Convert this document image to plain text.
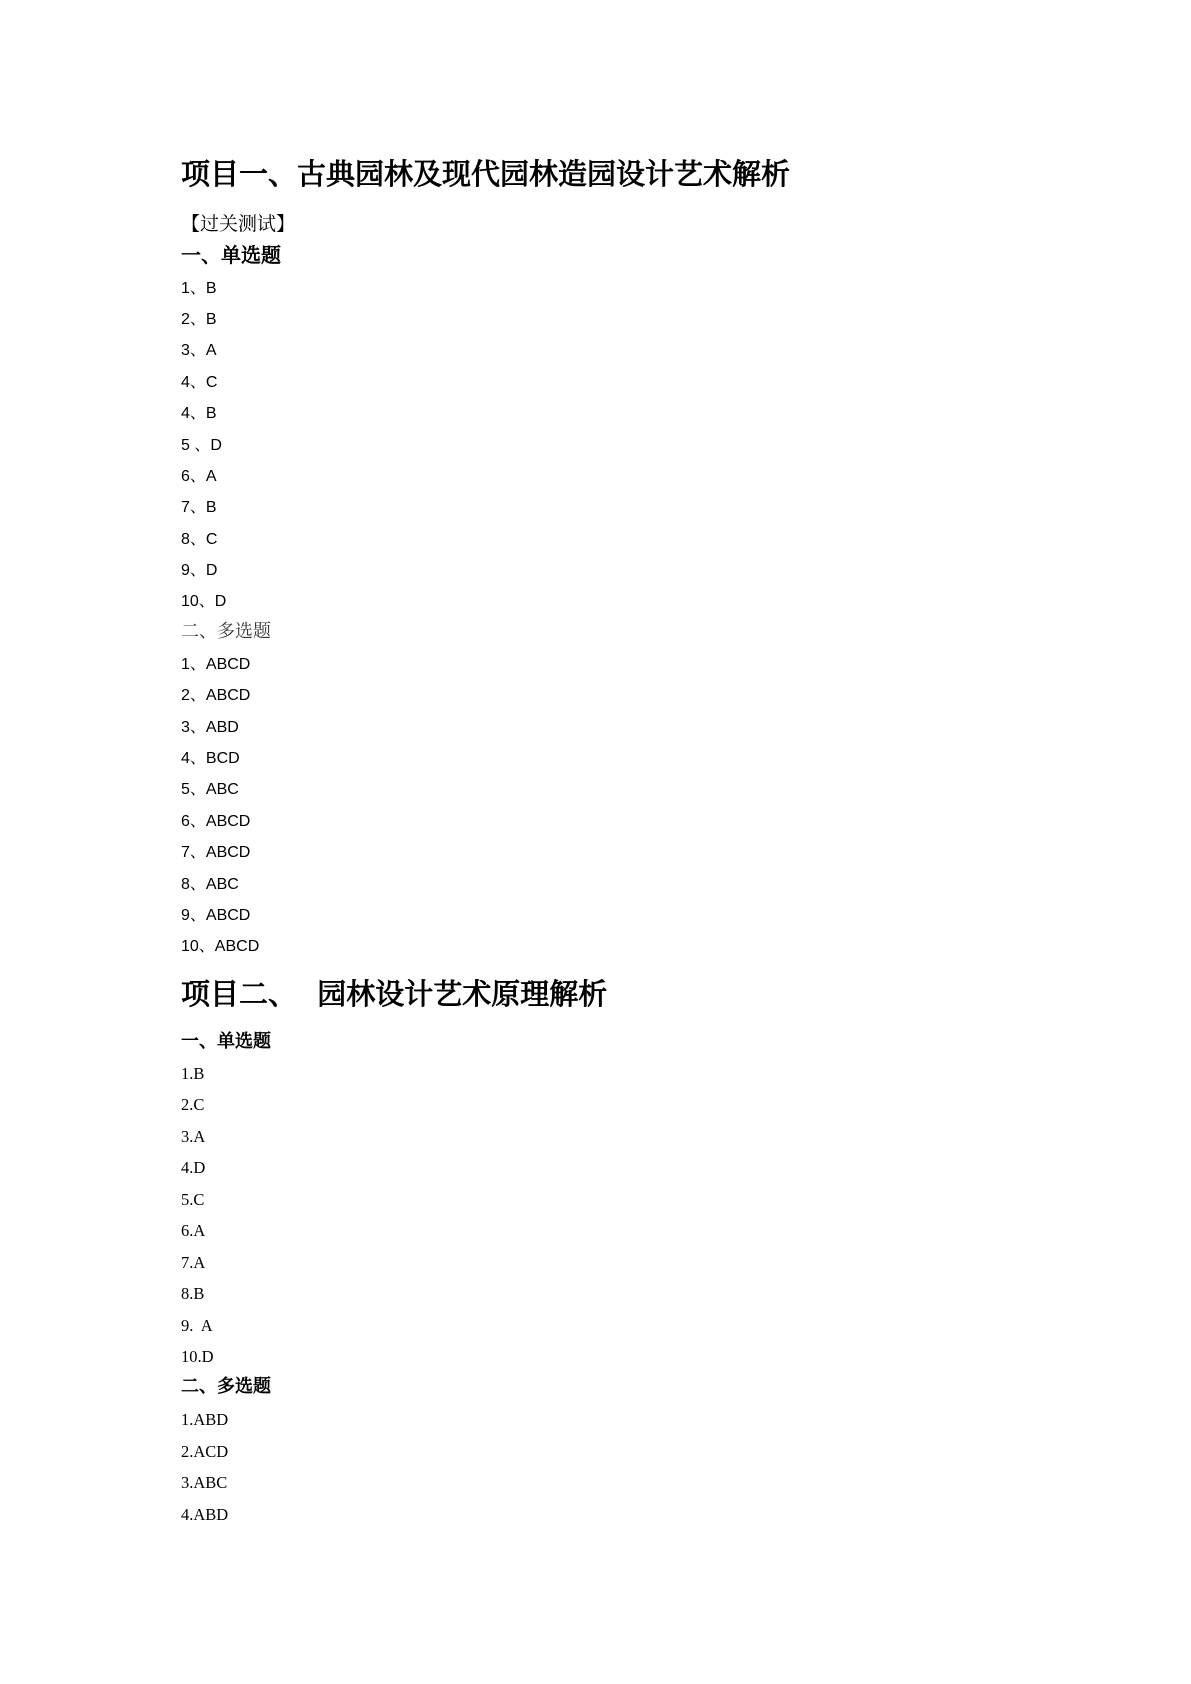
项目一、古典园林及现代园林造园设计艺术解析
【过关测试】
一、单选题
1、B
2、B
3、A
4、C
4、B
5 、D
6、A
7、B
8、C
9、D
10、D
二、多选题
1、ABCD
2、ABCD
3、ABD
4、BCD
5、ABC
6、ABCD
7、ABCD
8、ABC
9、ABCD
10、ABCD
项目二、  园林设计艺术原理解析
一、单选题
1.B
2.C
3.A
4.D
5.C
6.A
7.A
8.B
9.  A
10.D
二、多选题
1.ABD
2.ACD
3.ABC
4.ABD
